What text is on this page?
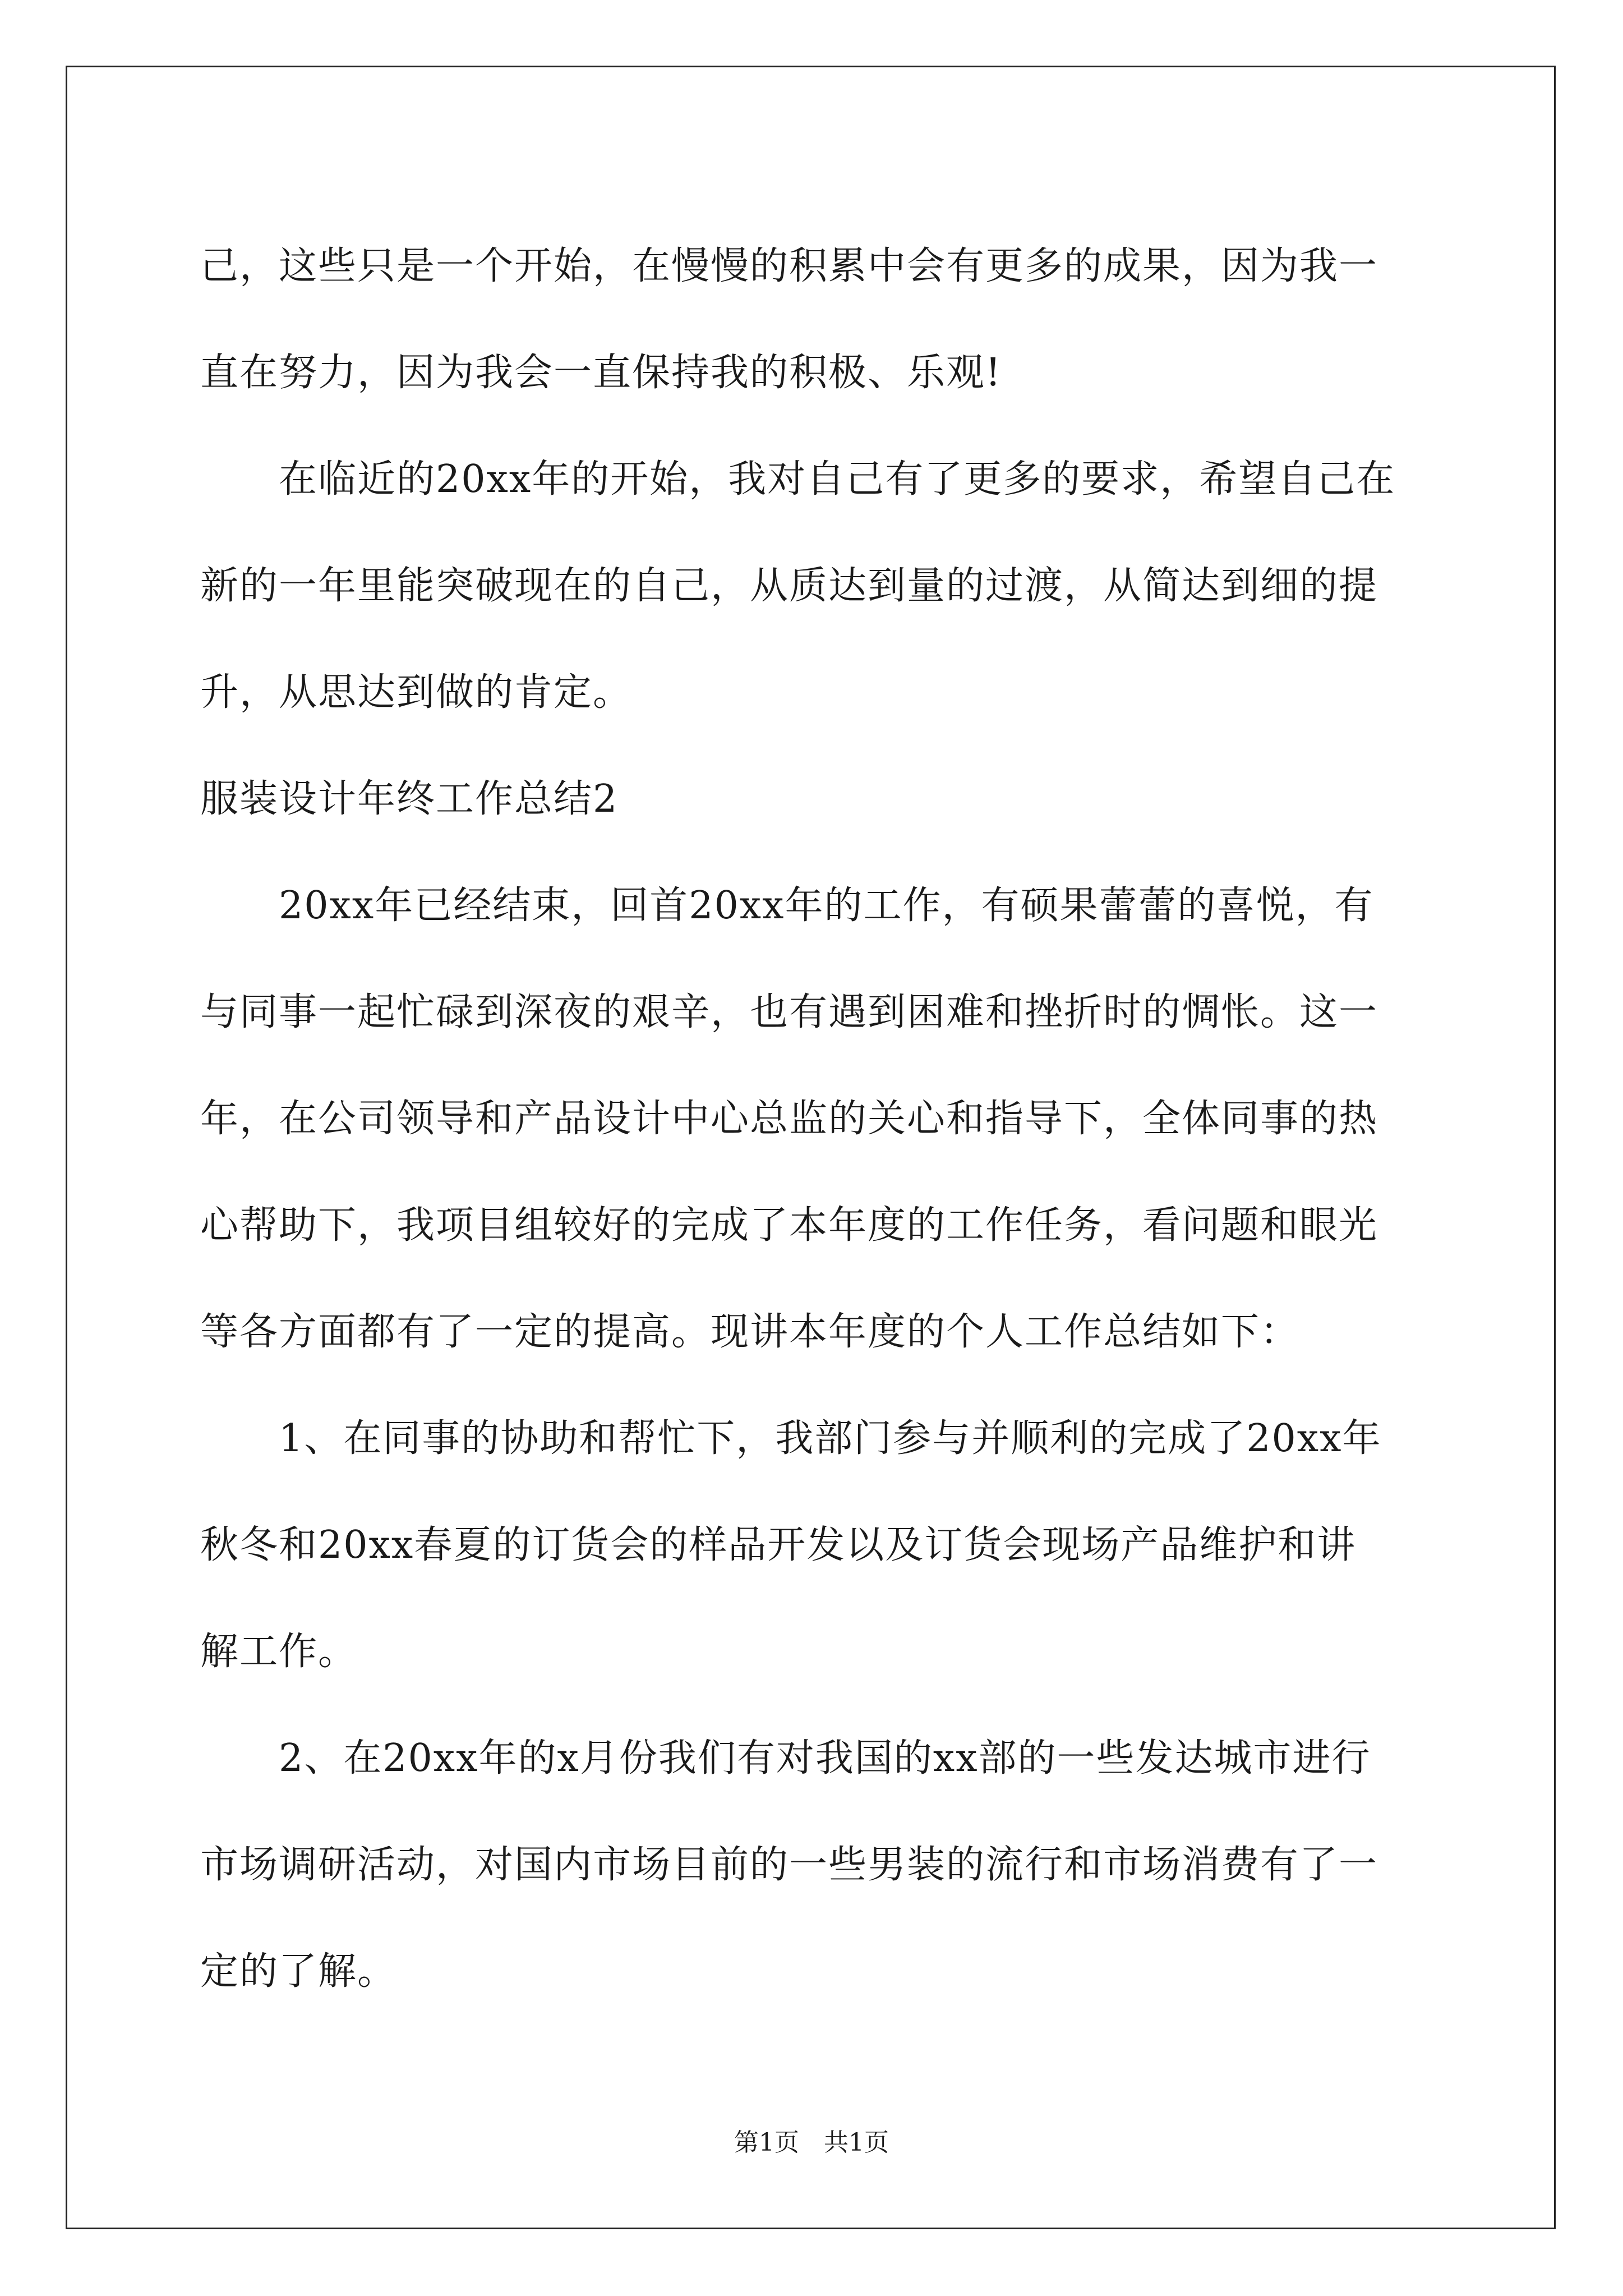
己，这些只是一个开始，在慢慢的积累中会有更多的成果，因为我一
直在努力，因为我会一直保持我的积极、乐观!
在临近的20xx年的开始，我对自己有了更多的要求，希望自己在
新的一年里能突破现在的自己，从质达到量的过渡，从简达到细的提
升，从思达到做的肯定。
服装设计年终工作总结2
20xx年已经结束，回首20xx年的工作，有硕果蕾蕾的喜悦，有
与同事一起忙碌到深夜的艰辛，也有遇到困难和挫折时的惆怅。这一
年，在公司领导和产品设计中心总监的关心和指导下，全体同事的热
心帮助下，我项目组较好的完成了本年度的工作任务，看问题和眼光
等各方面都有了一定的提高。现讲本年度的个人工作总结如下：
1、在同事的协助和帮忙下，我部门参与并顺利的完成了20xx年
秋冬和20xx春夏的订货会的样品开发以及订货会现场产品维护和讲
解工作。
2、在20xx年的x月份我们有对我国的xx部的一些发达城市进行
市场调研活动，对国内市场目前的一些男装的流行和市场消费有了一
定的了解。
第1页　共1页
